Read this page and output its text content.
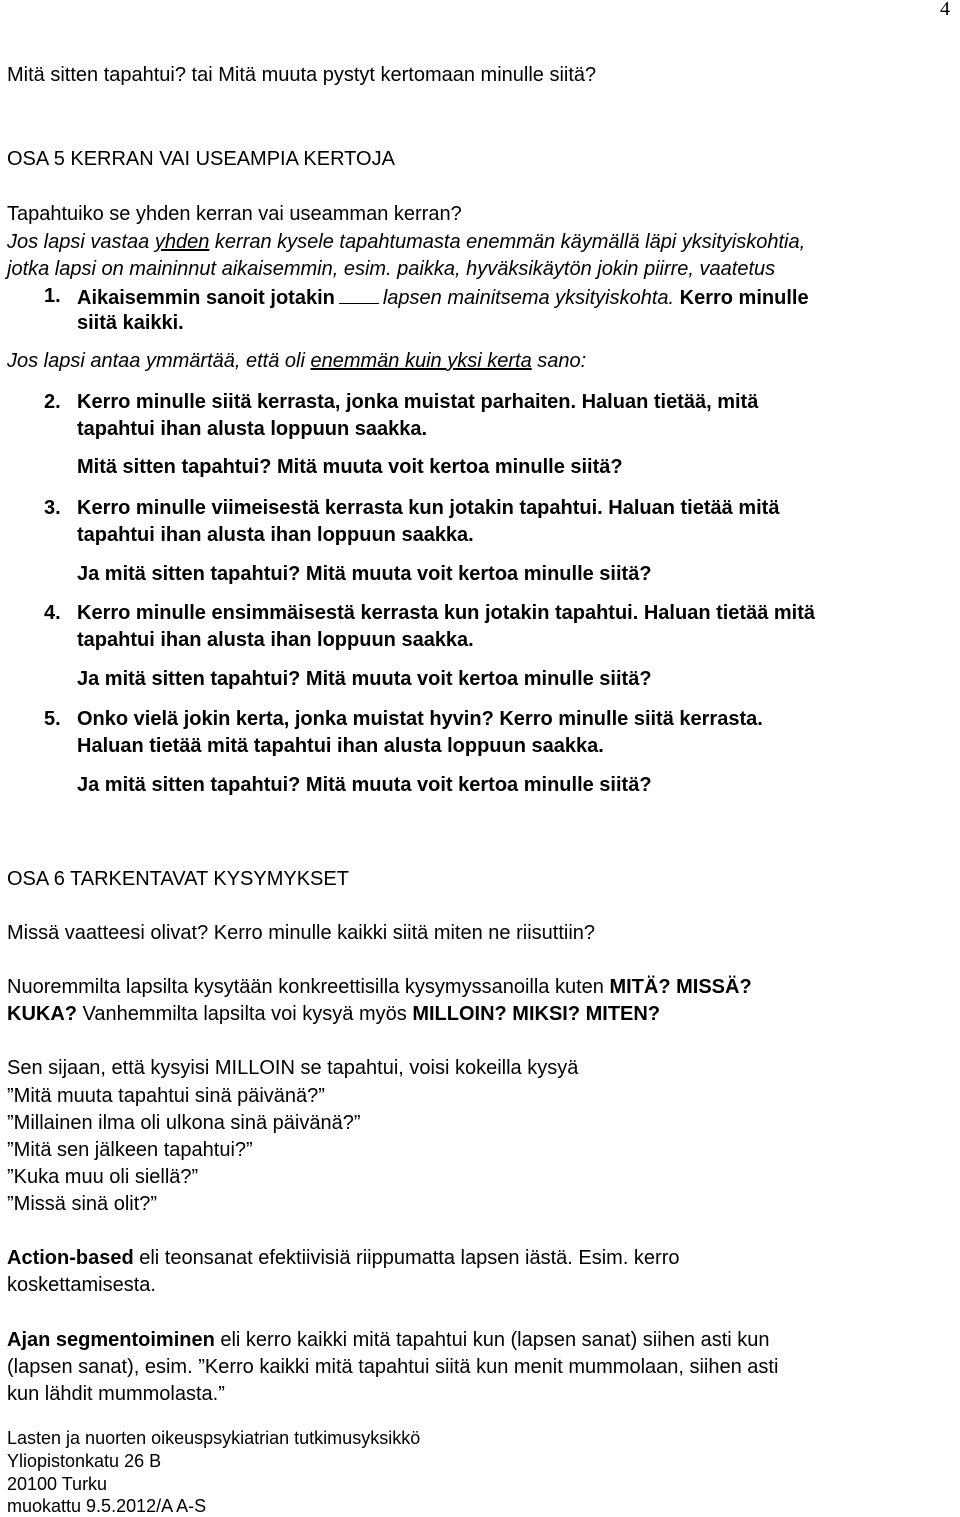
4
Mitä sitten tapahtui? tai Mitä muuta pystyt kertomaan minulle siitä?
OSA 5 KERRAN VAI USEAMPIA KERTOJA
Tapahtuiko se yhden kerran vai useamman kerran?
Jos lapsi vastaa yhden kerran kysele tapahtumasta enemmän käymällä läpi yksityiskohtia,
jotka lapsi on maininnut aikaisemmin, esim. paikka, hyväksikäytön jokin piirre, vaatetus
1. Aikaisemmin sanoit jotakin lapsen mainitsema yksityiskohta. Kerro minulle
siitä kaikki.
Jos lapsi antaa ymmärtää, että oli enemmän kuin yksi kerta sano:
2. Kerro minulle siitä kerrasta, jonka muistat parhaiten. Haluan tietää, mitä
tapahtui ihan alusta loppuun saakka.
Mitä sitten tapahtui? Mitä muuta voit kertoa minulle siitä?
3. Kerro minulle viimeisestä kerrasta kun jotakin tapahtui. Haluan tietää mitä
tapahtui ihan alusta ihan loppuun saakka.
Ja mitä sitten tapahtui? Mitä muuta voit kertoa minulle siitä?
4. Kerro minulle ensimmäisestä kerrasta kun jotakin tapahtui. Haluan tietää mitä
tapahtui ihan alusta ihan loppuun saakka.
Ja mitä sitten tapahtui? Mitä muuta voit kertoa minulle siitä?
5. Onko vielä jokin kerta, jonka muistat hyvin? Kerro minulle siitä kerrasta.
Haluan tietää mitä tapahtui ihan alusta loppuun saakka.
Ja mitä sitten tapahtui? Mitä muuta voit kertoa minulle siitä?
OSA 6 TARKENTAVAT KYSYMYKSET
Missä vaatteesi olivat? Kerro minulle kaikki siitä miten ne riisuttiin?
Nuoremmilta lapsilta kysytään konkreettisilla kysymyssanoilla kuten MITÄ? MISSÄ?
KUKA? Vanhemmilta lapsilta voi kysyä myös MILLOIN? MIKSI? MITEN?
Sen sijaan, että kysyisi MILLOIN se tapahtui, voisi kokeilla kysyä
”Mitä muuta tapahtui sinä päivänä?”
”Millainen ilma oli ulkona sinä päivänä?”
”Mitä sen jälkeen tapahtui?”
”Kuka muu oli siellä?”
”Missä sinä olit?”
Action-based eli teonsanat efektiivisiä riippumatta lapsen iästä. Esim. kerro
koskettamisesta.
Ajan segmentoiminen eli kerro kaikki mitä tapahtui kun (lapsen sanat) siihen asti kun
(lapsen sanat), esim. ”Kerro kaikki mitä tapahtui siitä kun menit mummolaan, siihen asti
kun lähdit mummolasta.”
Lasten ja nuorten oikeuspsykiatrian tutkimusyksikkö
Yliopistonkatu 26 B
20100 Turku
muokattu 9.5.2012/A A-S
